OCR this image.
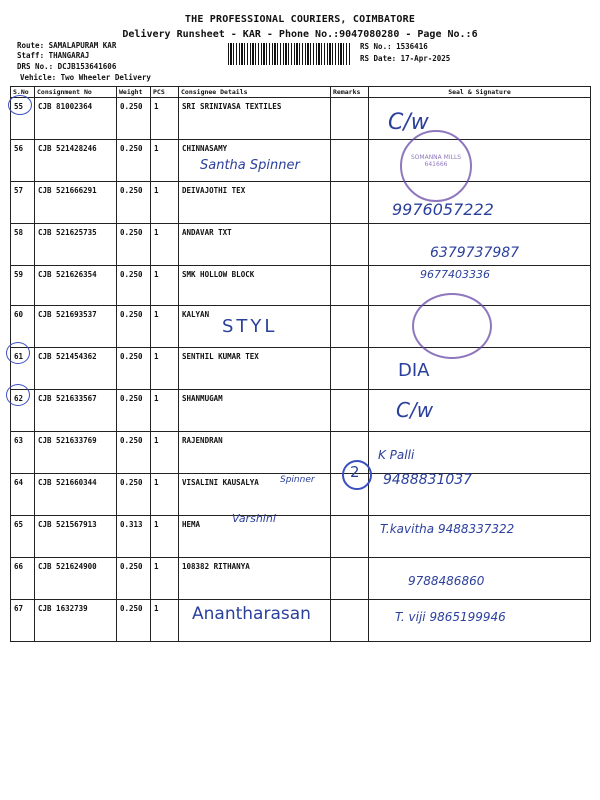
THE PROFESSIONAL COURIERS, COIMBATORE
Delivery Runsheet - KAR - Phone No.:9047080280 - Page No.:6
Route: SAMALAPURAM KAR
Staff: THANGARAJ
DRS No.: DCJB153641606
Vehicle: Two Wheeler Delivery
RS No.: 1536416
RS Date: 17-Apr-2025
S.No	Consignment No	Weight	PCS	Consignee Details	Remarks	Seal & Signature
55	CJB 81002364	0.250	1	SRI SRINIVASA TEXTILES		
56	CJB 521428246	0.250	1	CHINNASAMY		
57	CJB 521666291	0.250	1	DEIVAJOTHI TEX		
58	CJB 521625735	0.250	1	ANDAVAR TXT		
59	CJB 521626354	0.250	1	SMK HOLLOW BLOCK		
60	CJB 521693537	0.250	1	KALYAN		
61	CJB 521454362	0.250	1	SENTHIL KUMAR TEX		
62	CJB 521633567	0.250	1	SHANMUGAM		
63	CJB 521633769	0.250	1	RAJENDRAN		
64	CJB 521660344	0.250	1	VISALINI KAUSALYA		
65	CJB 521567913	0.313	1	HEMA		
66	CJB 521624900	0.250	1	108382 RITHANYA		
67	CJB 1632739	0.250	1			
Santha Spinner
STYL
Spinner
Varshini
Anantharasan
2
C/w
9976057222
6379737987
9677403336
DIA
C/w
K Palli
9488831037
T.kavitha 9488337322
9788486860
T. viji 9865199946
SOMANNA MILLS
641666
